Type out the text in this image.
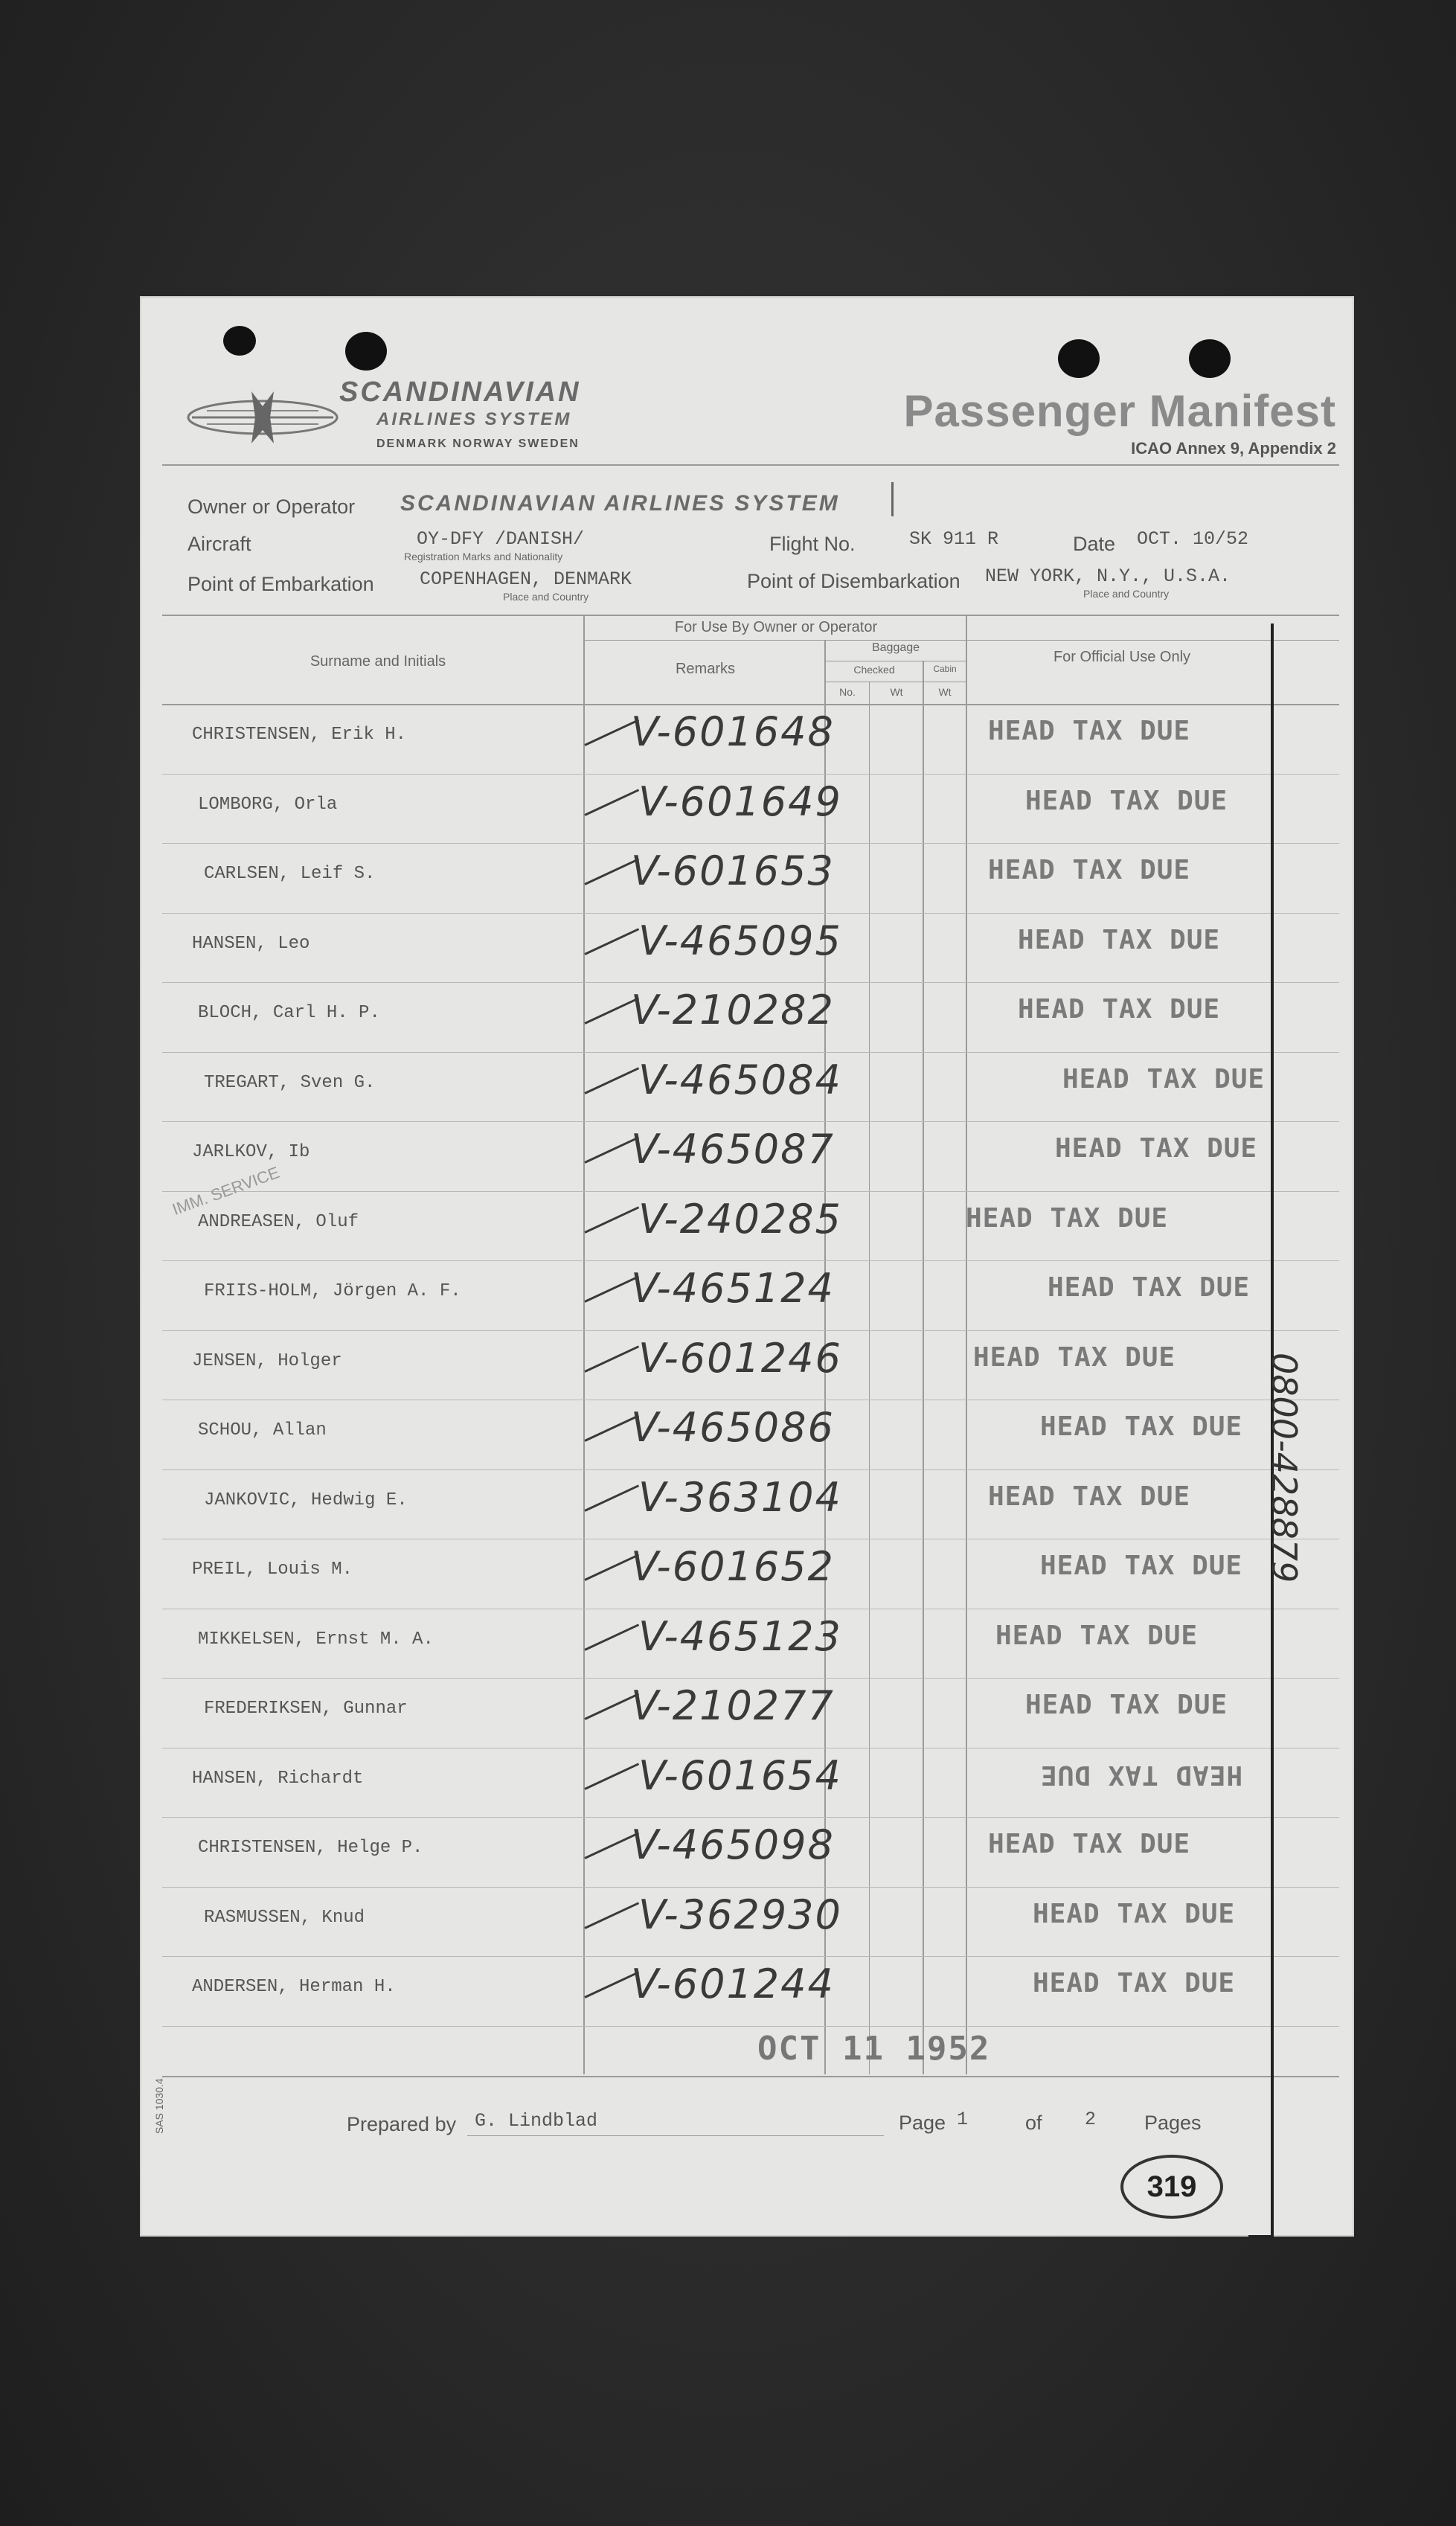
SCANDINAVIAN
AIRLINES SYSTEM
DENMARK NORWAY SWEDEN
Passenger Manifest
ICAO Annex 9, Appendix 2
Owner or Operator SCANDINAVIAN AIRLINES SYSTEM
Aircraft	OY-DFY /DANISH/
Registration Marks and Nationality
Flight No.	SK 911 R	Date OCT. 10/52
Point of Embarkation COPENHAGEN, DENMARK
Place and Country
Point of Disembarkation NEW YORK, N.Y., U.S.A.
Place and Country
Surname and Initials
For Use By Owner or Operator
Remarks
Baggage
Checked	Cabin
No.	Wt	Wt
For Official Use Only
CHRISTENSEN, Erik H.	V-601648	HEAD TAX DUE
LOMBORG, Orla	V-601649	HEAD TAX DUE
CARLSEN, Leif S.	V-601653	HEAD TAX DUE
HANSEN, Leo	V-465095	HEAD TAX DUE
BLOCH, Carl H. P.	V-210282	HEAD TAX DUE
TREGART, Sven G.	V-465084	HEAD TAX DUE
JARLKOV, Ib	V-465087	HEAD TAX DUE
ANDREASEN, Oluf	V-240285	HEAD TAX DUE
FRIIS-HOLM, Jörgen A. F.	V-465124	HEAD TAX DUE
JENSEN, Holger	V-601246	HEAD TAX DUE
SCHOU, Allan	V-465086	HEAD TAX DUE
JANKOVIC, Hedwig E.	V-363104	HEAD TAX DUE
PREIL, Louis M.	V-601652	HEAD TAX DUE
MIKKELSEN, Ernst M. A.	V-465123	HEAD TAX DUE
FREDERIKSEN, Gunnar	V-210277	HEAD TAX DUE
HANSEN, Richardt	V-601654	HEAD TAX DUE
CHRISTENSEN, Helge P.	V-465098	HEAD TAX DUE
RASMUSSEN, Knud	V-362930	HEAD TAX DUE
ANDERSEN, Herman H.	V-601244	HEAD TAX DUE
0800-428879
IMM. SERVICE
OCT 11 1952
Prepared by G. Lindblad	Page 1	of 2 Pages
SAS 1030.4
319
